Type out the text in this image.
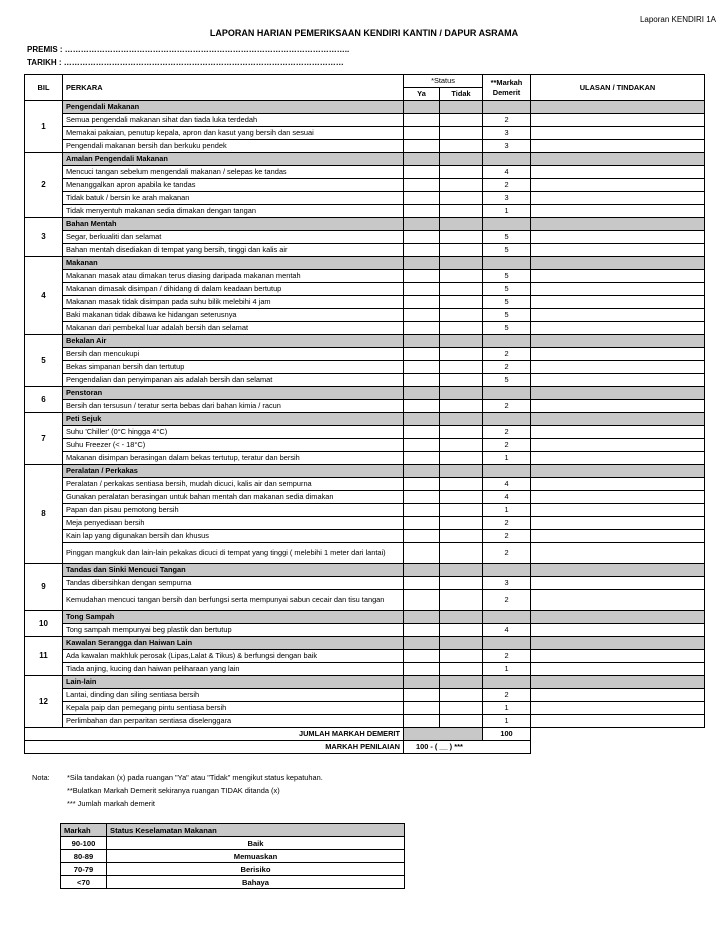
Laporan KENDIRI 1A
LAPORAN HARIAN PEMERIKSAAN KENDIRI KANTIN / DAPUR ASRAMA
PREMIS : ……………………………………………………………………………………………..
TARIKH : ……………………………………………………………………………………………
BIL	PERKARA	*Status		**Markah Demerit	ULASAN / TINDAKAN
		Ya	Tidak		
1	Pengendali Makanan				
	Semua pengendali makanan sihat dan tiada luka terdedah			2	
	Memakai pakaian, penutup kepala, apron dan kasut yang bersih dan sesuai			3	
	Pengendali makanan bersih dan berkuku pendek			3	
2	Amalan Pengendali Makanan				
	Mencuci tangan sebelum mengendali makanan / selepas ke tandas			4	
	Menanggalkan apron apabila ke tandas			2	
	Tidak batuk / bersin ke arah makanan			3	
	Tidak menyentuh makanan sedia dimakan dengan tangan			1	
3	Bahan Mentah				
	Segar, berkualiti dan selamat			5	
	Bahan mentah disediakan di tempat yang bersih, tinggi dan kalis air			5	
4	Makanan				
	Makanan masak atau dimakan terus diasing daripada makanan mentah			5	
	Makanan dimasak disimpan / dihidang di dalam keadaan bertutup			5	
	Makanan masak tidak disimpan pada suhu bilik melebihi 4 jam			5	
	Baki makanan tidak dibawa ke hidangan seterusnya			5	
	Makanan dari pembekal luar adalah bersih dan selamat			5	
5	Bekalan Air				
	Bersih dan mencukupi			2	
	Bekas simpanan bersih dan tertutup			2	
	Pengendalian dan penyimpanan ais adalah bersih dan selamat			5	
6	Penstoran				
	Bersih dan tersusun / teratur serta bebas dari bahan kimia / racun			2	
7	Peti Sejuk				
	Suhu 'Chiller' (0°C hingga 4°C)			2	
	Suhu Freezer (< - 18°C)			2	
	Makanan disimpan berasingan dalam bekas tertutup, teratur dan bersih			1	
8	Peralatan / Perkakas				
	Peralatan / perkakas sentiasa bersih, mudah dicuci, kalis air dan sempurna			4	
	Gunakan peralatan berasingan untuk bahan mentah dan makanan sedia dimakan			4	
	Papan dan pisau pemotong bersih			1	
	Meja penyediaan bersih			2	
	Kain lap yang digunakan bersih dan khusus			2	
	Pinggan mangkuk dan lain-lain pekakas dicuci di tempat yang tinggi ( melebihi 1 meter dari lantai)			2	
9	Tandas dan Sinki Mencuci Tangan				
	Tandas dibersihkan dengan sempurna			3	
	Kemudahan mencuci tangan bersih dan berfungsi serta mempunyai sabun cecair dan tisu tangan			2	
10	Tong Sampah				
	Tong sampah mempunyai beg plastik dan bertutup			4	
11	Kawalan Serangga dan Haiwan Lain				
	Ada kawalan makhluk perosak (Lipas,Lalat & Tikus) & berfungsi dengan baik			2	
	Tiada anjing, kucing dan haiwan peliharaan yang lain			1	
12	Lain-lain				
	Lantai, dinding dan siling sentiasa bersih			2	
	Kepala paip dan pemegang pintu sentiasa bersih			1	
	Perlimbahan dan perparitan sentiasa diselenggara			1	
JUMLAH MARKAH DEMERIT				100	
MARKAH PENILAIAN		100 - ( __ ) ***			
Nota: *Sila tandakan (x) pada ruangan "Ya" atau "Tidak" mengikut status kepatuhan.
**Bulatkan Markah Demerit sekiranya ruangan TIDAK ditanda (x)
*** Jumlah markah demerit
Markah	Status Keselamatan Makanan
90-100	Baik
80-89	Memuaskan
70-79	Berisiko
<70	Bahaya
